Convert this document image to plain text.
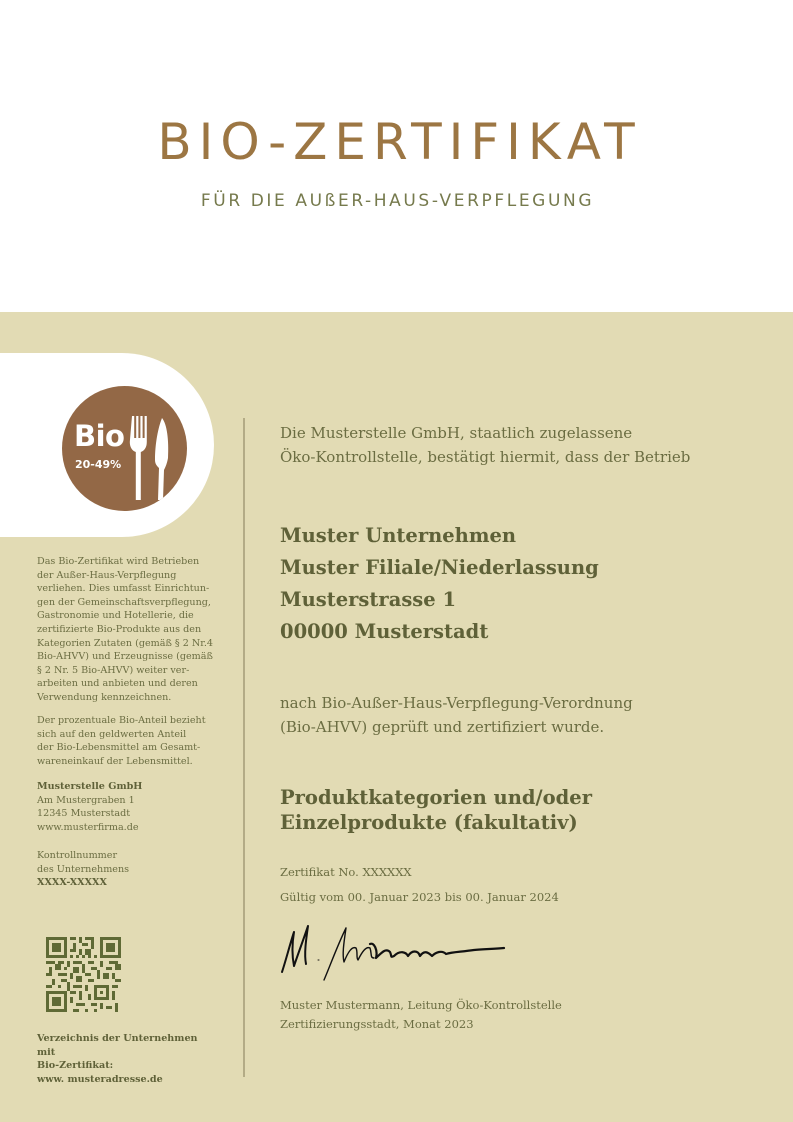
BIO-ZERTIFIKAT
FÜR DIE AUßER-HAUS-VERPFLEGUNG
Bio
20-49%

Das Bio-Zertifikat wird Betrieben

der Außer-Haus-Verpflegung

verliehen. Dies umfasst Einrichtun-

gen der Gemeinschaftsverpflegung,

Gastronomie und Hotellerie, die

zertifizierte Bio-Produkte aus den

Kategorien Zutaten (gemäß § 2 Nr.4

Bio-AHVV) und Erzeugnisse (gemäß

§ 2 Nr. 5 Bio-AHVV) weiter ver-

arbeiten und anbieten und deren

Verwendung kennzeichnen.

Der prozentuale Bio-Anteil bezieht

sich auf den geldwerten Anteil

der Bio-Lebensmittel am Gesamt-

wareneinkauf der Lebensmittel.

Musterstelle GmbH

Am Mustergraben 1

12345 Musterstadt

www.musterfirma.de

Kontrollnummer

des Unternehmens

XXXX-XXXXX

Verzeichnis der Unternehmen mit

Bio-Zertifikat:

www. musteradresse.de

Die Musterstelle GmbH, staatlich zugelassene

Öko-Kontrollstelle, bestätigt hiermit, dass der Betrieb

Muster Unternehmen

Muster Filiale/Niederlassung

Musterstrasse 1

00000 Musterstadt

nach Bio-Außer-Haus-Verpflegung-Verordnung

(Bio-AHVV) geprüft und zertifiziert wurde.

Produktkategorien und/oder

Einzelprodukte (fakultativ)

Zertifikat No. XXXXXX
Gültig vom 00. Januar 2023 bis 00. Januar 2024

Muster Mustermann, Leitung Öko-Kontrollstelle

Zertifizierungsstadt, Monat 2023
